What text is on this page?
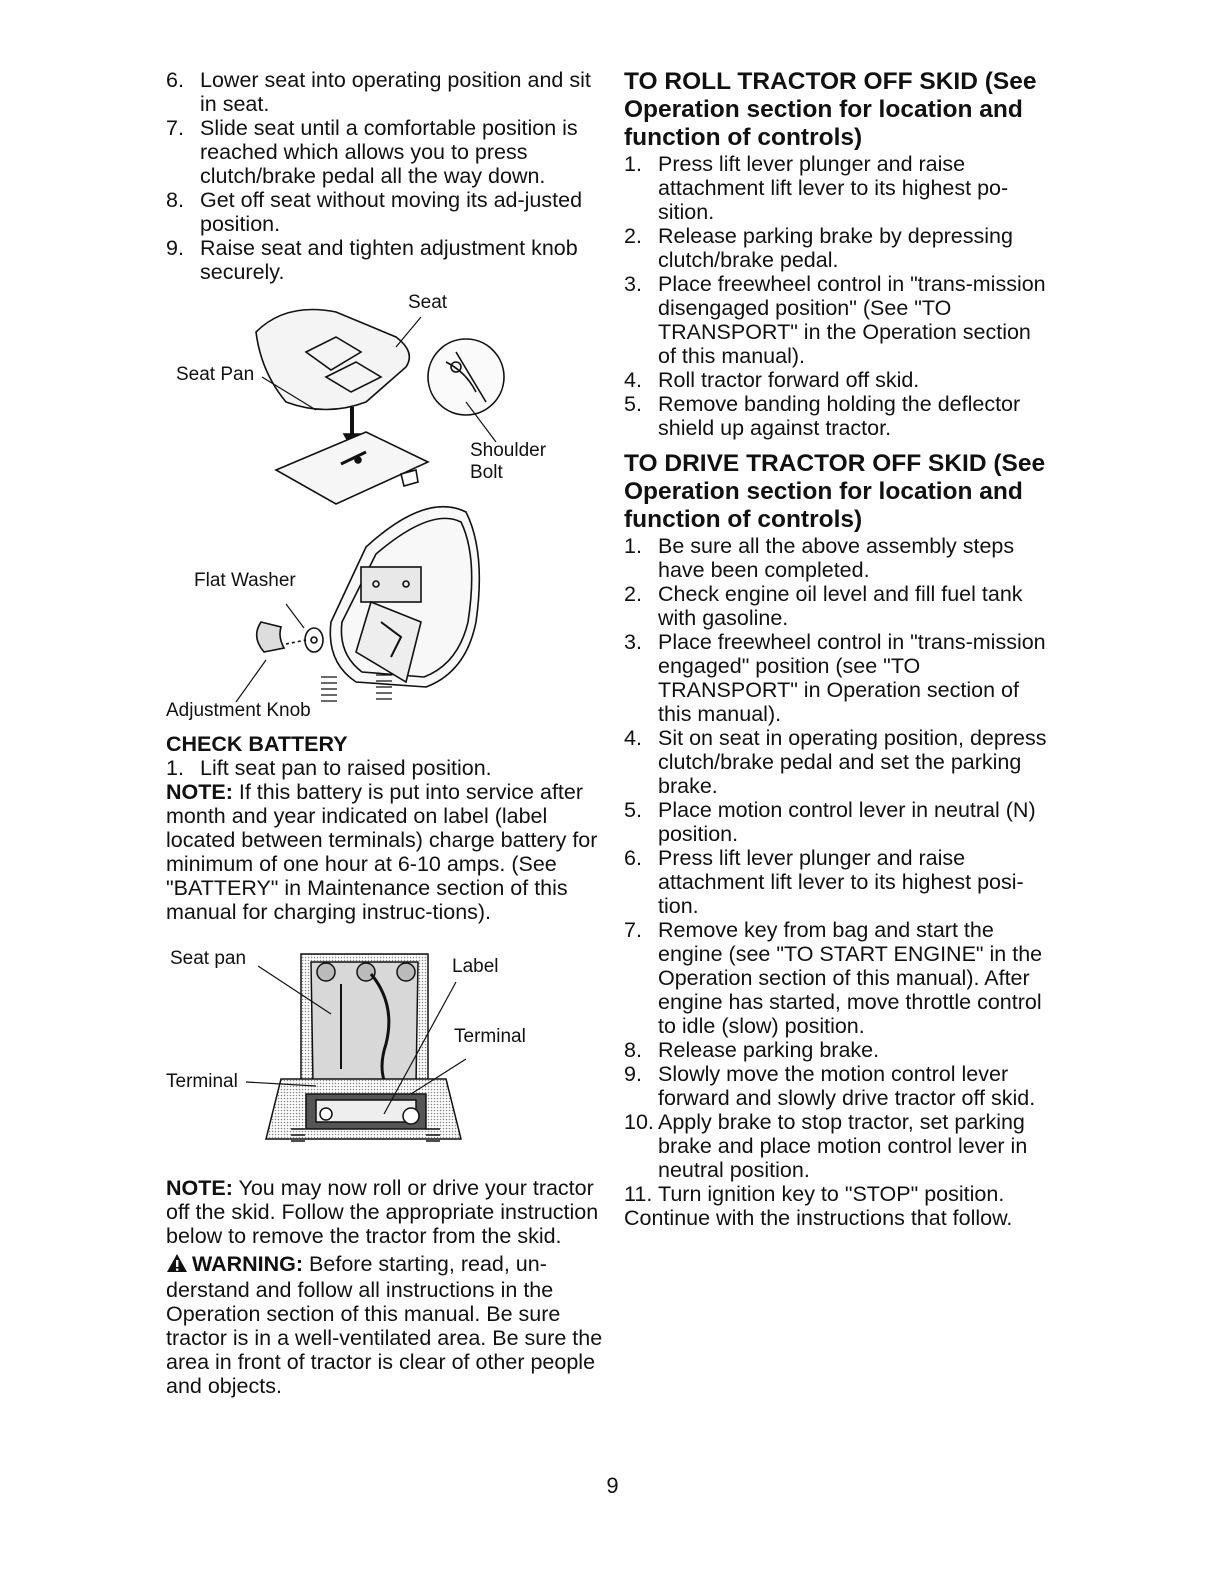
6. Lower seat into operating position and sit in seat.
7. Slide seat until a comfortable position is reached which allows you to press clutch/brake pedal all the way down.
8. Get off seat without moving its ad-justed position.
9. Raise seat and tighten adjustment knob securely.
Seat
Seat Pan
Shoulder
Bolt
Flat Washer
Adjustment Knob
CHECK BATTERY
1. Lift seat pan to raised position.

NOTE: If this battery is put into service after month and year indicated on label (label located between terminals) charge battery for minimum of one hour at 6-10 amps. (See "BATTERY" in Maintenance section of this manual for charging instruc-tions).

Seat pan	Label
Terminal
Terminal

NOTE: You may now roll or drive your tractor off the skid. Follow the appropriate instruction below to remove the tractor from the skid.

WARNING: Before starting, read, un-derstand and follow all instructions in the Operation section of this manual. Be sure tractor is in a well-ventilated area. Be sure the area in front of tractor is clear of other people and objects.

TO ROLL TRACTOR OFF SKID (See Operation section for location and function of controls)
1. Press lift lever plunger and raise attachment lift lever to its highest po-sition.
2. Release parking brake by depressing clutch/brake pedal.
3. Place freewheel control in "trans-mission disengaged position" (See "TO TRANSPORT" in the Operation section of this manual).
4. Roll tractor forward off skid.
5. Remove banding holding the deflector shield up against tractor.
TO DRIVE TRACTOR OFF SKID (See Operation section for location and function of controls)
1. Be sure all the above assembly steps have been completed.
2. Check engine oil level and fill fuel tank with gasoline.
3. Place freewheel control in "trans-mission engaged" position (see "TO TRANSPORT" in Operation section of this manual).
4. Sit on seat in operating position, depress clutch/brake pedal and set the parking brake.
5. Place motion control lever in neutral (N) position.
6. Press lift lever plunger and raise attachment lift lever to its highest posi-tion.
7. Remove key from bag and start the engine (see "TO START ENGINE" in the Operation section of this manual). After engine has started, move throttle control to idle (slow) position.
8. Release parking brake.
9. Slowly move the motion control lever forward and slowly drive tractor off skid.
10. Apply brake to stop tractor, set parking brake and place motion control lever in neutral position.
11. Turn ignition key to "STOP" position.

Continue with the instructions that follow.

9
